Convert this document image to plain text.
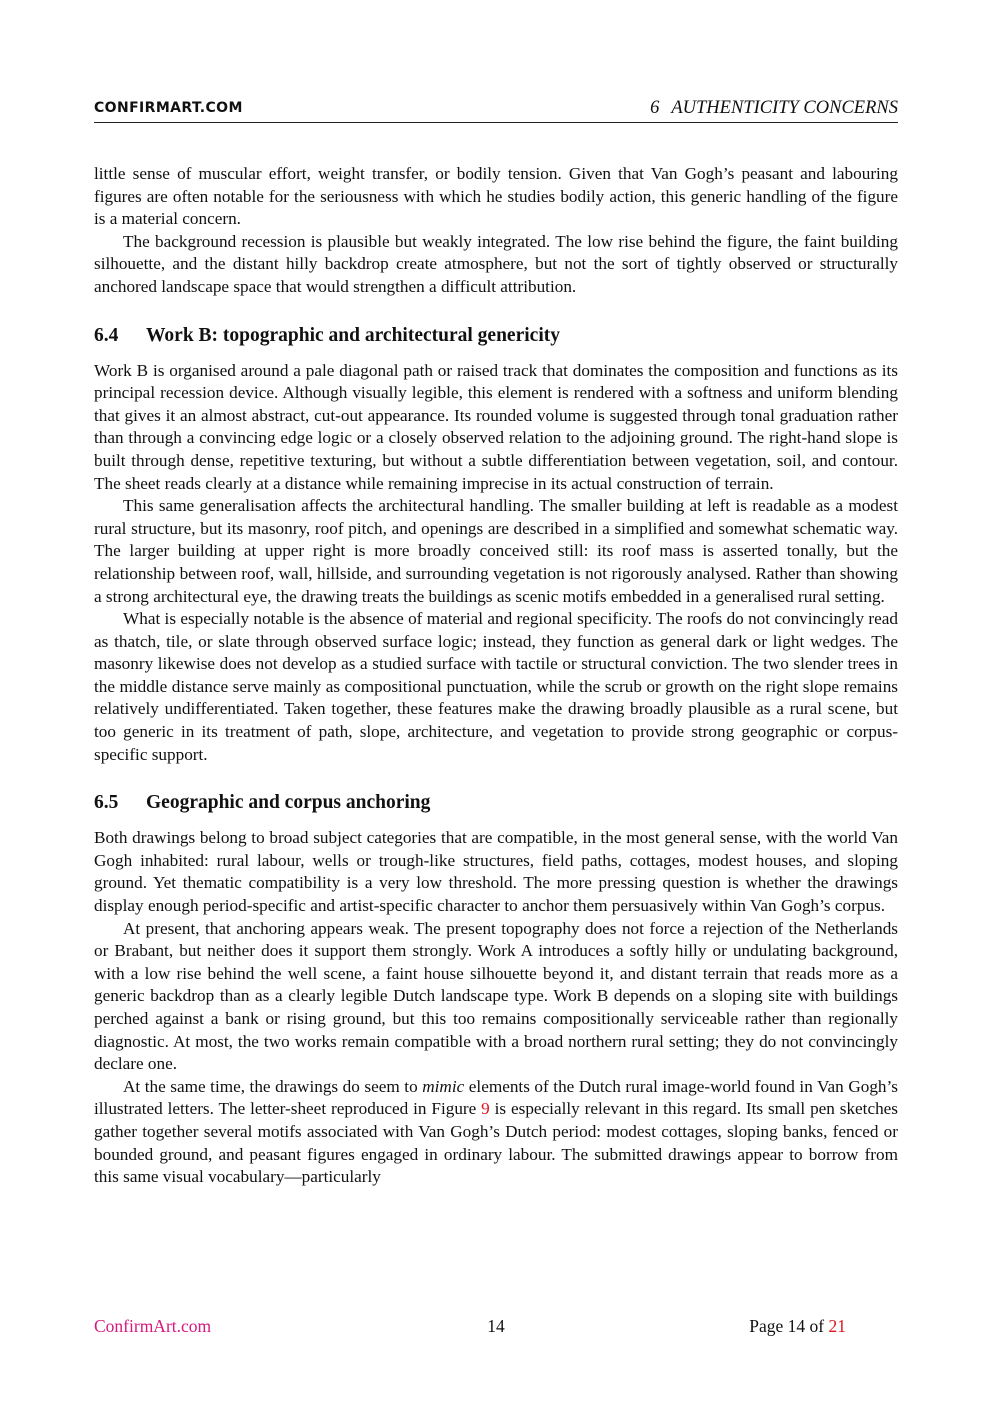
CONFIRMART.COM	6 AUTHENTICITY CONCERNS

little sense of muscular effort, weight transfer, or bodily tension. Given that Van Gogh’s peasant and labouring figures are often notable for the seriousness with which he studies bodily action, this generic handling of the figure is a material concern.

The background recession is plausible but weakly integrated. The low rise behind the figure, the faint building silhouette, and the distant hilly backdrop create atmosphere, but not the sort of tightly observed or structurally anchored landscape space that would strengthen a difficult attribution.

6.4 Work B: topographic and architectural genericity

Work B is organised around a pale diagonal path or raised track that dominates the composition and functions as its principal recession device. Although visually legible, this element is rendered with a softness and uniform blending that gives it an almost abstract, cut-out appearance. Its rounded volume is suggested through tonal graduation rather than through a convincing edge logic or a closely observed relation to the adjoining ground. The right-hand slope is built through dense, repetitive texturing, but without a subtle differentiation between vegetation, soil, and contour. The sheet reads clearly at a distance while remaining imprecise in its actual construction of terrain.

This same generalisation affects the architectural handling. The smaller building at left is readable as a modest rural structure, but its masonry, roof pitch, and openings are described in a simplified and somewhat schematic way. The larger building at upper right is more broadly conceived still: its roof mass is asserted tonally, but the relationship between roof, wall, hillside, and surrounding vegetation is not rigorously analysed. Rather than showing a strong architectural eye, the drawing treats the buildings as scenic motifs embedded in a generalised rural setting.

What is especially notable is the absence of material and regional specificity. The roofs do not convincingly read as thatch, tile, or slate through observed surface logic; instead, they function as general dark or light wedges. The masonry likewise does not develop as a studied surface with tactile or structural conviction. The two slender trees in the middle distance serve mainly as compositional punctuation, while the scrub or growth on the right slope remains relatively undifferentiated. Taken together, these features make the drawing broadly plausible as a rural scene, but too generic in its treatment of path, slope, architecture, and vegetation to provide strong geographic or corpus-specific support.

6.5 Geographic and corpus anchoring

Both drawings belong to broad subject categories that are compatible, in the most general sense, with the world Van Gogh inhabited: rural labour, wells or trough-like structures, field paths, cottages, modest houses, and sloping ground. Yet thematic compatibility is a very low threshold. The more pressing question is whether the drawings display enough period-specific and artist-specific character to anchor them persuasively within Van Gogh’s corpus.

At present, that anchoring appears weak. The present topography does not force a rejection of the Netherlands or Brabant, but neither does it support them strongly. Work A introduces a softly hilly or undulating background, with a low rise behind the well scene, a faint house silhouette beyond it, and distant terrain that reads more as a generic backdrop than as a clearly legible Dutch landscape type. Work B depends on a sloping site with buildings perched against a bank or rising ground, but this too remains compositionally serviceable rather than regionally diagnostic. At most, the two works remain compatible with a broad northern rural setting; they do not convincingly declare one.

At the same time, the drawings do seem to mimic elements of the Dutch rural image-world found in Van Gogh’s illustrated letters. The letter-sheet reproduced in Figure 9 is especially relevant in this regard. Its small pen sketches gather together several motifs associated with Van Gogh’s Dutch period: modest cottages, sloping banks, fenced or bounded ground, and peasant figures engaged in ordinary labour. The submitted drawings appear to borrow from this same visual vocabulary—particularly

ConfirmArt.com	14	Page 14 of 21
